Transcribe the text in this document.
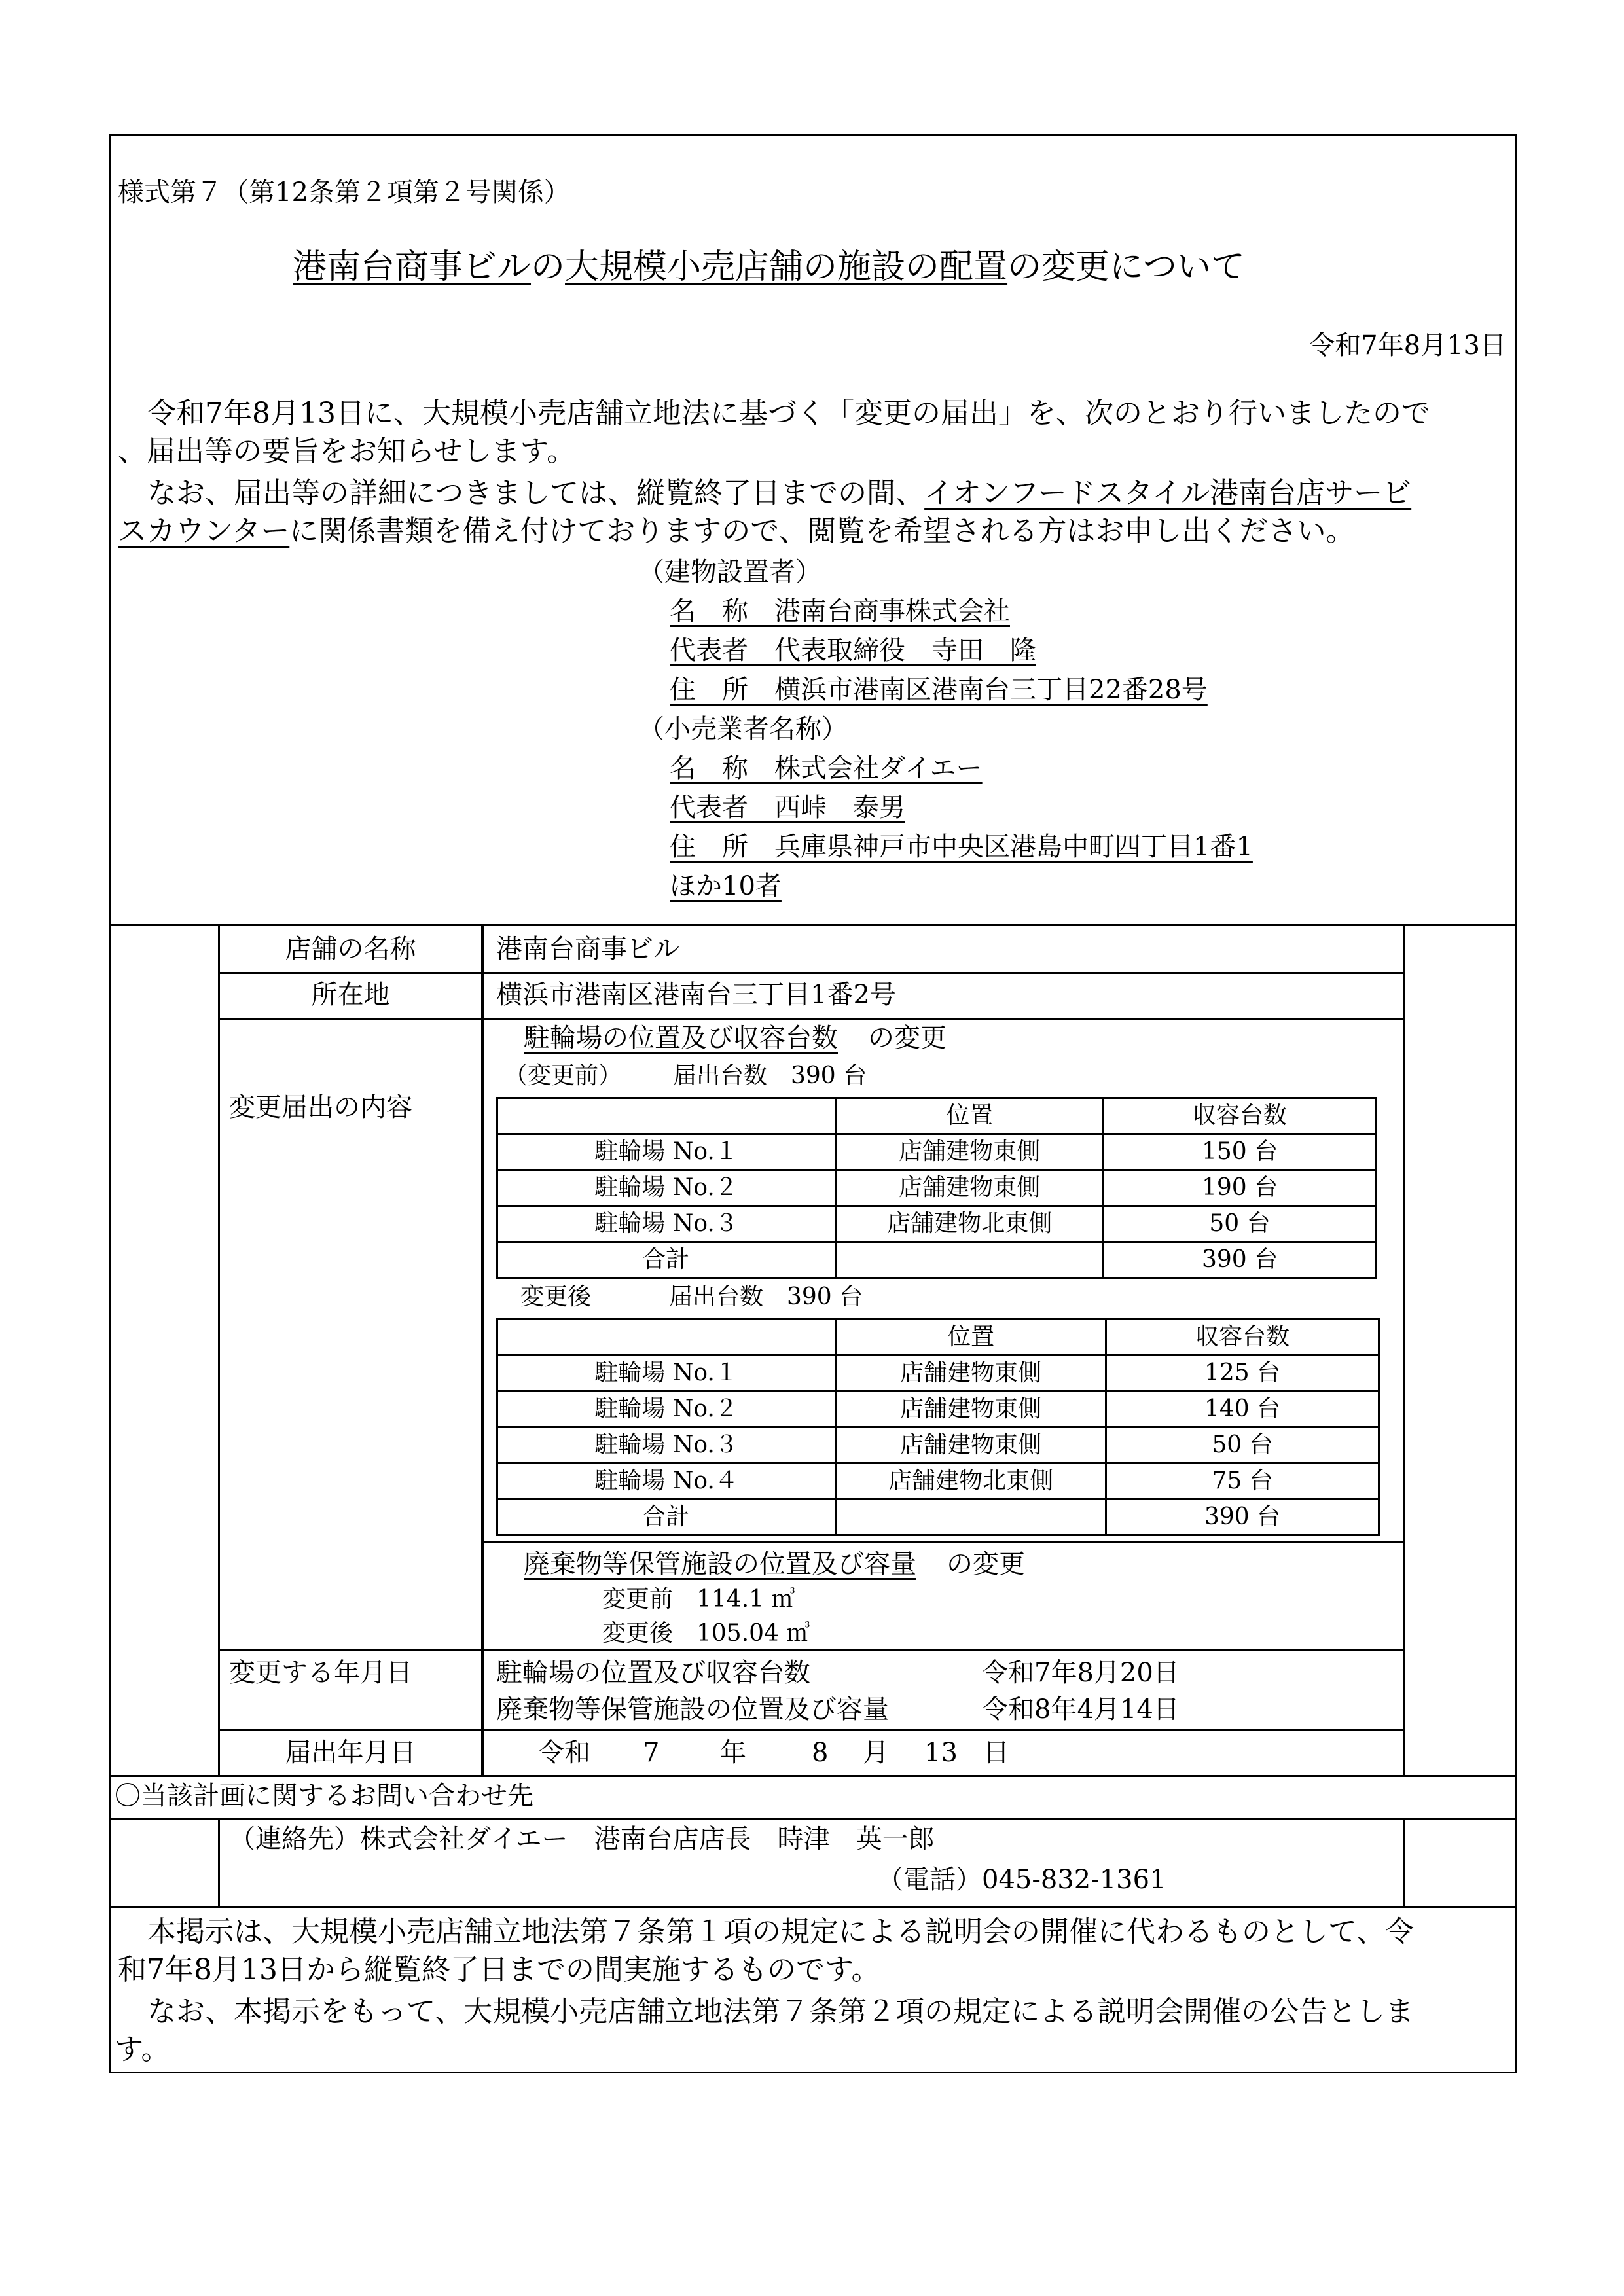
様式第７（第12条第２項第２号関係）
港南台商事ビルの大規模小売店舗の施設の配置の変更について
令和7年8月13日
令和7年8月13日に、大規模小売店舗立地法に基づく「変更の届出」を、次のとおり行いましたので
、届出等の要旨をお知らせします。
なお、届出等の詳細につきましては、縦覧終了日までの間、イオンフードスタイル港南台店サービ
スカウンターに関係書類を備え付けておりますので、閲覧を希望される方はお申し出ください。
（建物設置者）
名　称　港南台商事株式会社
代表者　代表取締役　寺田　隆
住　所　横浜市港南区港南台三丁目22番28号
（小売業者名称）
名　称　株式会社ダイエー
代表者　西峠　泰男
住　所　兵庫県神戸市中央区港島中町四丁目1番1
ほか10者
店舗の名称	港南台商事ビル
所在地	横浜市港南区港南台三丁目1番2号
変更届出の内容
駐輪場の位置及び収容台数 の変更
（変更前） 届出台数　390 台
	位置	収容台数
駐輪場 No.１	店舗建物東側	150 台
駐輪場 No.２	店舗建物東側	190 台
駐輪場 No.３	店舗建物北東側	50 台
合計		390 台
変更後	届出台数　390 台
	位置	収容台数
駐輪場 No.１	店舗建物東側	125 台
駐輪場 No.２	店舗建物東側	140 台
駐輪場 No.３	店舗建物東側	50 台
駐輪場 No.４	店舗建物北東側	75 台
合計		390 台
廃棄物等保管施設の位置及び容量 の変更
変更前　114.1 ㎥
変更後　105.04 ㎥
変更する年月日	駐輪場の位置及び収容台数	令和7年8月20日
廃棄物等保管施設の位置及び容量	令和8年4月14日
届出年月日	令和 7 年	8 月 13 日
〇当該計画に関するお問い合わせ先
（連絡先）株式会社ダイエー　港南台店店長　時津　英一郎
（電話）045-832-1361
本掲示は、大規模小売店舗立地法第７条第１項の規定による説明会の開催に代わるものとして、令
和7年8月13日から縦覧終了日までの間実施するものです。
なお、本掲示をもって、大規模小売店舗立地法第７条第２項の規定による説明会開催の公告としま
す。
